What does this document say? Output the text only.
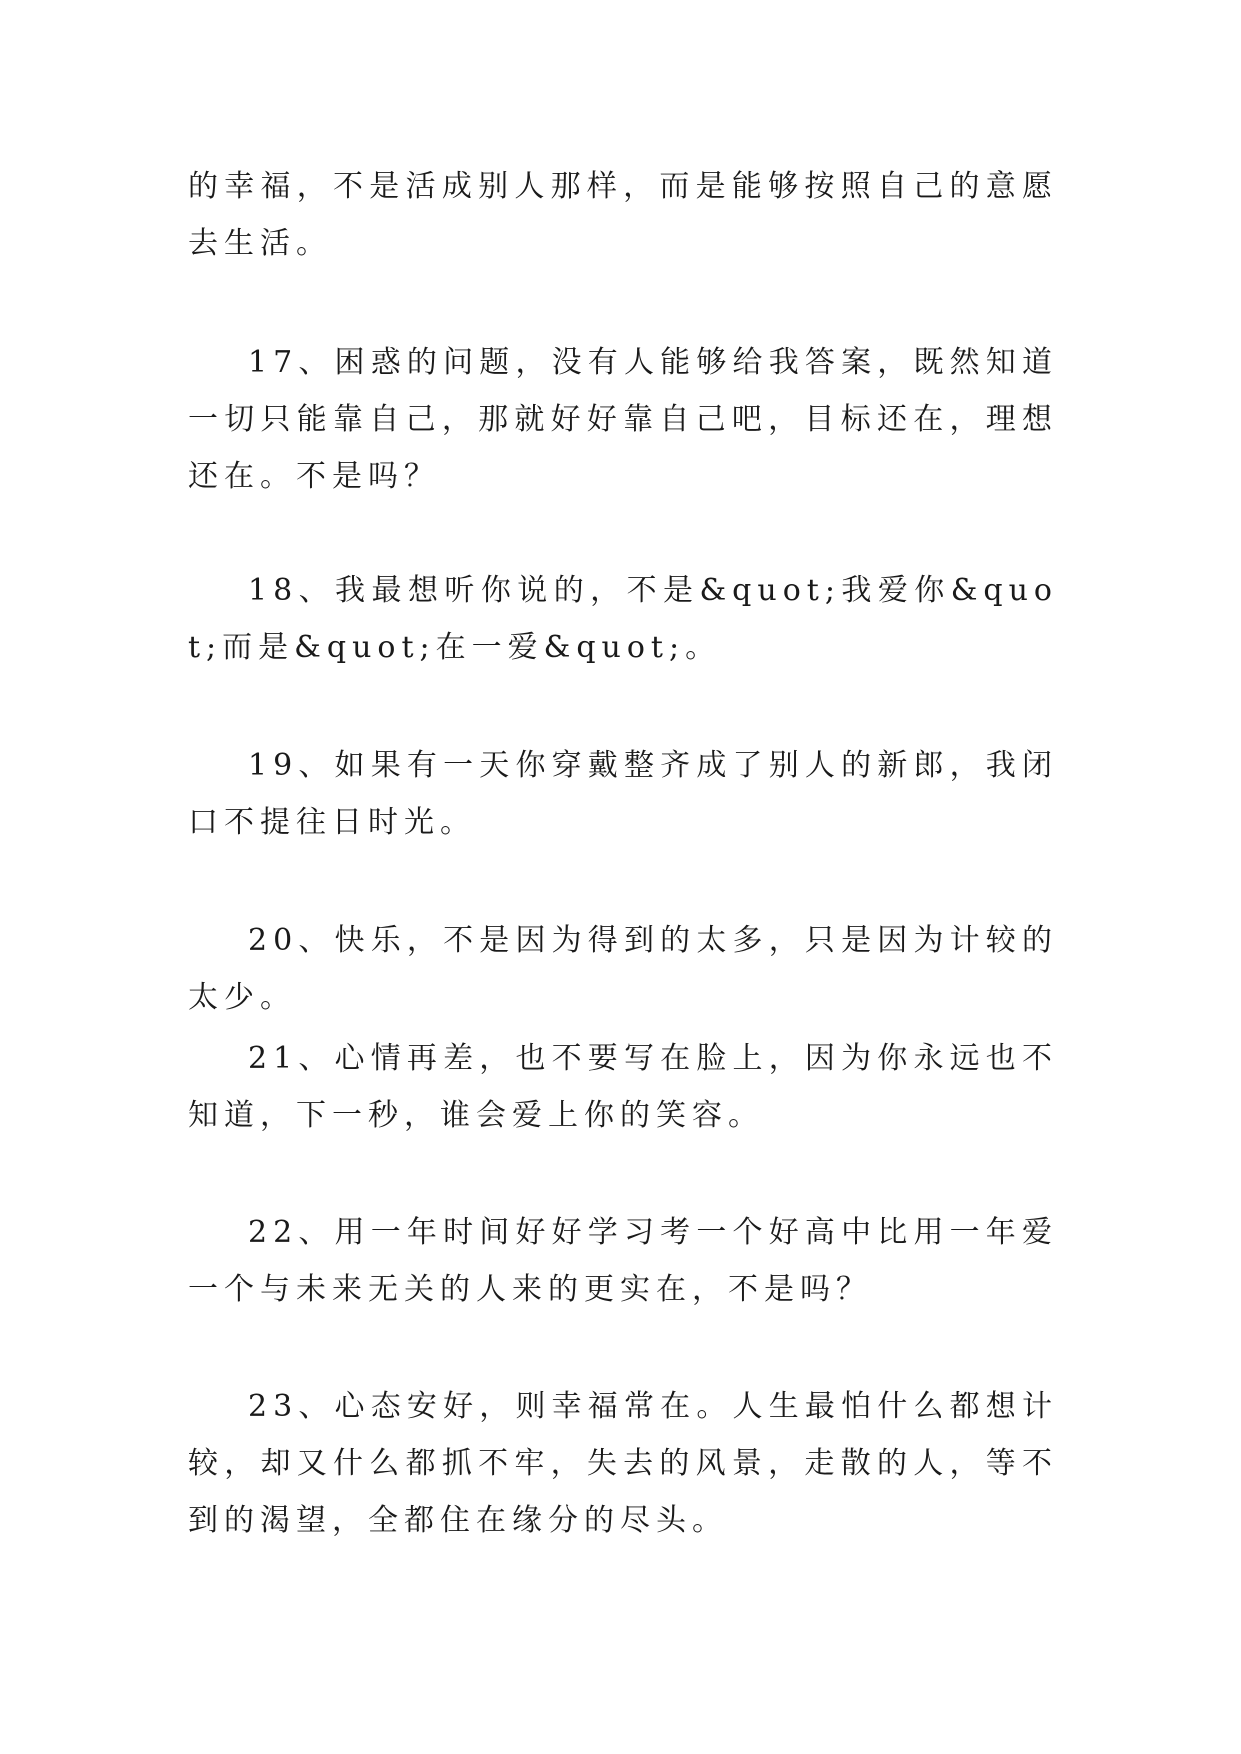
的幸福，不是活成别人那样，而是能够按照自己的意愿去生活。

17、困惑的问题，没有人能够给我答案，既然知道一切只能靠自己，那就好好靠自己吧，目标还在，理想还在。不是吗？

18、我最想听你说的，不是&quot;我爱你&quot;而是&quot;在一爱&quot;。

19、如果有一天你穿戴整齐成了别人的新郎，我闭口不提往日时光。

20、快乐，不是因为得到的太多，只是因为计较的太少。

21、心情再差，也不要写在脸上，因为你永远也不知道，下一秒，谁会爱上你的笑容。

22、用一年时间好好学习考一个好高中比用一年爱一个与未来无关的人来的更实在，不是吗？

23、心态安好，则幸福常在。人生最怕什么都想计较，却又什么都抓不牢，失去的风景，走散的人，等不到的渴望，全都住在缘分的尽头。
